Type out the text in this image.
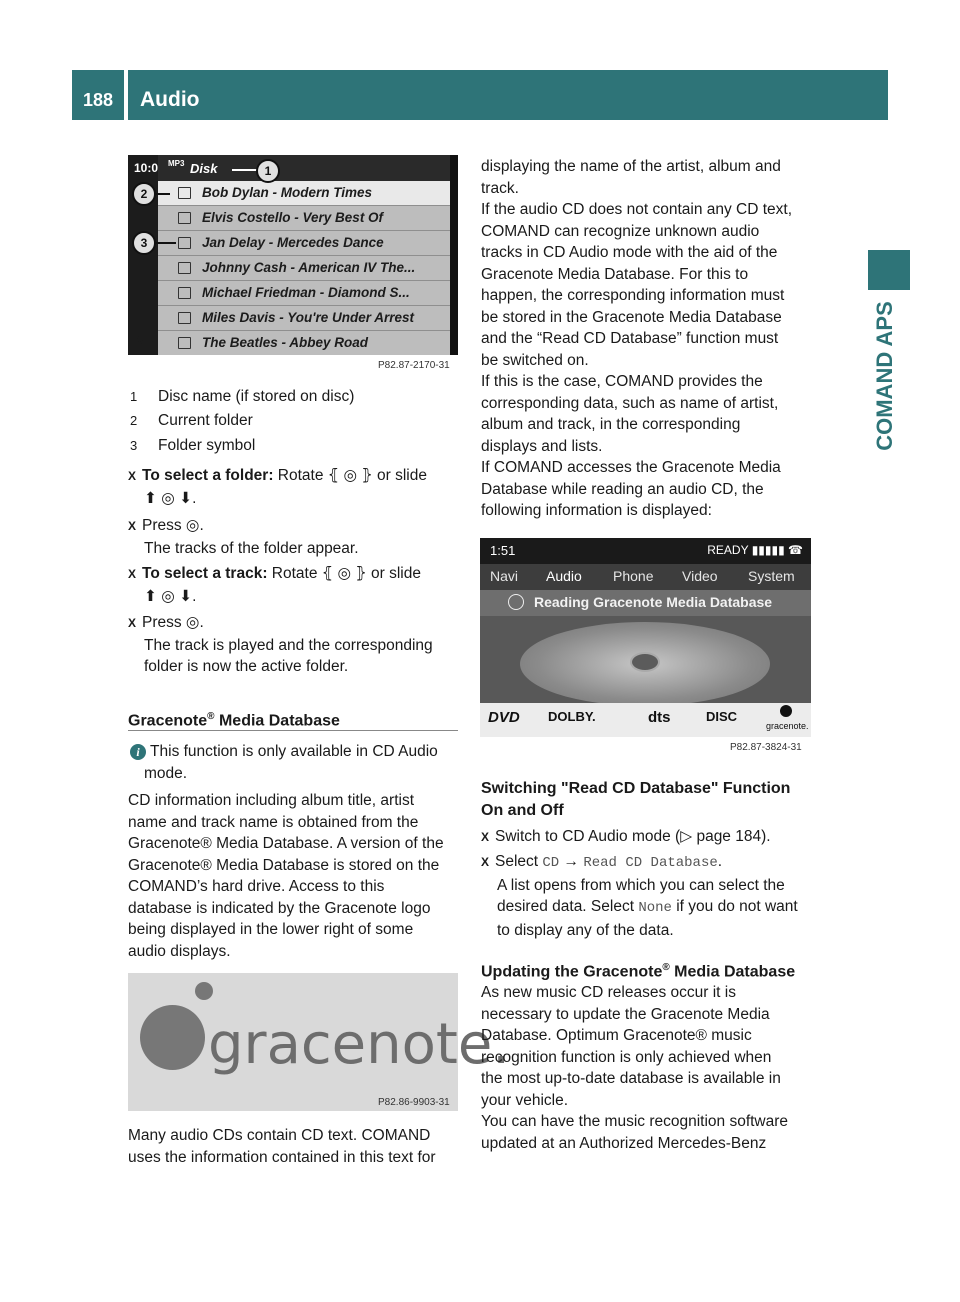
188	Audio
COMAND APS
10:0 MP3 Disk
Bob Dylan - Modern Times
Elvis Costello - Very Best Of
Jan Delay - Mercedes Dance
Johnny Cash - American IV The...
Michael Friedman - Diamond S...
Miles Davis - You're Under Arrest
The Beatles - Abbey Road
MP
1
2
3
P82.87-2170-31
1 Disc name (if stored on disc)
2 Current folder
3 Folder symbol
X To select a folder: Rotate ⦃ ◎ ⦄ or slide
⬆ ◎ ⬇.
X Press ◎.
The tracks of the folder appear.
X To select a track: Rotate ⦃ ◎ ⦄ or slide
⬆ ◎ ⬇.
X Press ◎.
The track is played and the corresponding
folder is now the active folder.
Gracenote® Media Database
i This function is only available in CD Audio
mode.
CD information including album title, artist
name and track name is obtained from the
Gracenote® Media Database. A version of the
Gracenote® Media Database is stored on the
COMAND’s hard drive. Access to this
database is indicated by the Gracenote logo
being displayed in the lower right of some
audio displays.
gracenote.
P82.86-9903-31
Many audio CDs contain CD text. COMAND
uses the information contained in this text for
displaying the name of the artist, album and
track.
If the audio CD does not contain any CD text,
COMAND can recognize unknown audio
tracks in CD Audio mode with the aid of the
Gracenote Media Database. For this to
happen, the corresponding information must
be stored in the Gracenote Media Database
and the “Read CD Database” function must
be switched on.
If this is the case, COMAND provides the
corresponding data, such as name of artist,
album and track, in the corresponding
displays and lists.
If COMAND accesses the Gracenote Media
Database while reading an audio CD, the
following information is displayed:
1:51	READY ▮▮▮▮▮ ☎
Navi Audio Phone Video System
Reading Gracenote Media Database
DVD DOLBY.	dts	DISC
gracenote.
P82.87-3824-31
Switching "Read CD Database" Function
On and Off
X Switch to CD Audio mode (▷ page 184).
X Select CD → Read CD Database.
A list opens from which you can select the
desired data. Select None if you do not want
to display any of the data.
Updating the Gracenote® Media Database
As new music CD releases occur it is
necessary to update the Gracenote Media
Database. Optimum Gracenote® music
recognition function is only achieved when
the most up-to-date database is available in
your vehicle.
You can have the music recognition software
updated at an Authorized Mercedes-Benz
